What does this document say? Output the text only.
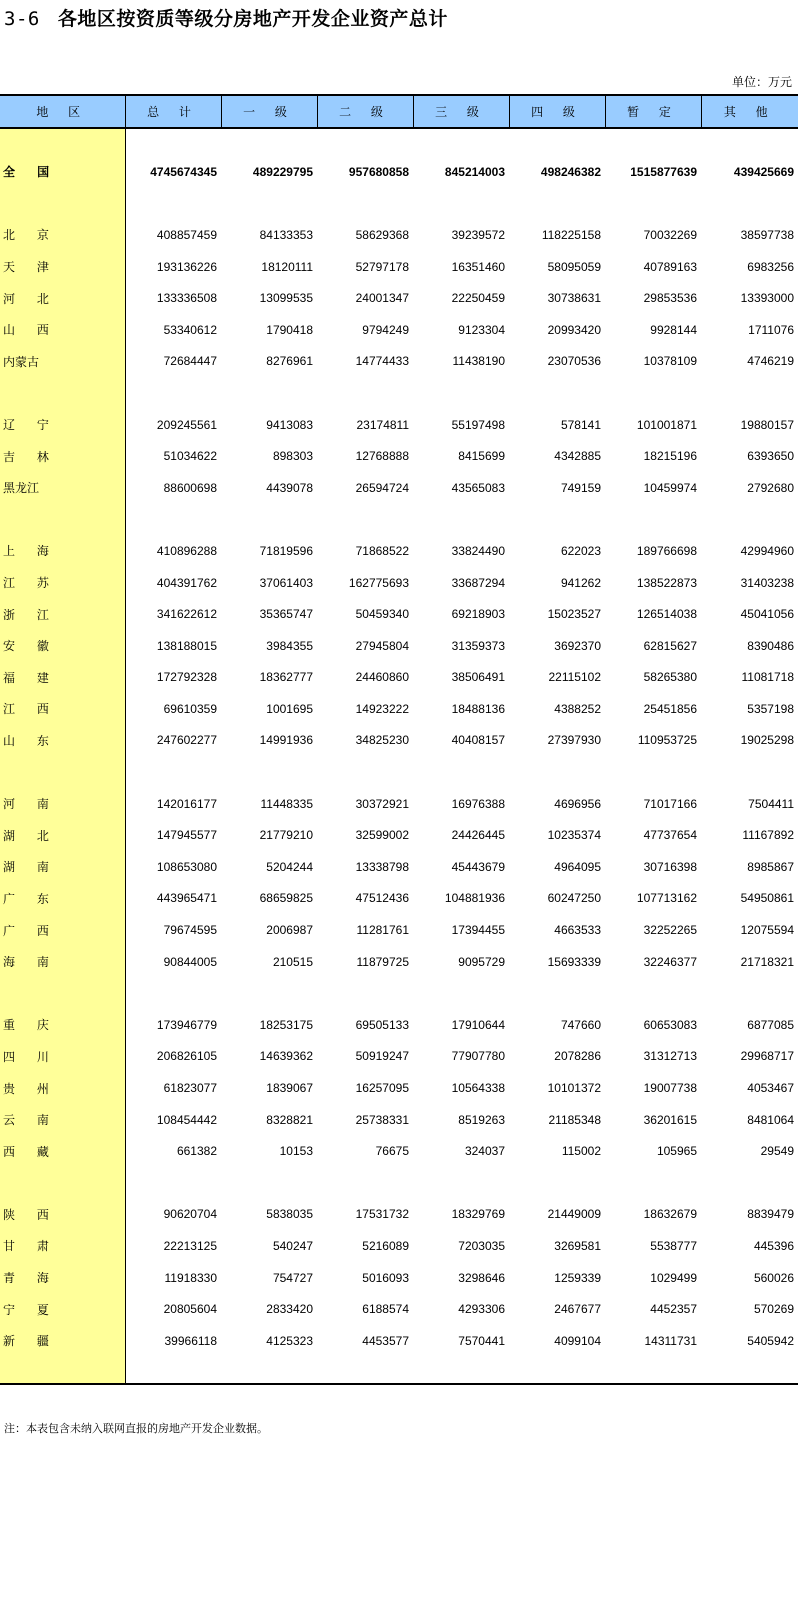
3-6 各地区按资质等级分房地产开发企业资产总计
单位：万元
地 区	总 计	一 级	二 级	三 级	四 级	暂 定	其 他

全 国	4745674345	489229795	957680858	845214003	498246382	1515877639	439425669

北 京	408857459	84133353	58629368	39239572	118225158	70032269	38597738
天 津	193136226	18120111	52797178	16351460	58095059	40789163	6983256
河 北	133336508	13099535	24001347	22250459	30738631	29853536	13393000
山 西	53340612	1790418	9794249	9123304	20993420	9928144	1711076
内蒙古	72684447	8276961	14774433	11438190	23070536	10378109	4746219

辽 宁	209245561	9413083	23174811	55197498	578141	101001871	19880157
吉 林	51034622	898303	12768888	8415699	4342885	18215196	6393650
黑龙江	88600698	4439078	26594724	43565083	749159	10459974	2792680

上 海	410896288	71819596	71868522	33824490	622023	189766698	42994960
江 苏	404391762	37061403	162775693	33687294	941262	138522873	31403238
浙 江	341622612	35365747	50459340	69218903	15023527	126514038	45041056
安 徽	138188015	3984355	27945804	31359373	3692370	62815627	8390486
福 建	172792328	18362777	24460860	38506491	22115102	58265380	11081718
江 西	69610359	1001695	14923222	18488136	4388252	25451856	5357198
山 东	247602277	14991936	34825230	40408157	27397930	110953725	19025298

河 南	142016177	11448335	30372921	16976388	4696956	71017166	7504411
湖 北	147945577	21779210	32599002	24426445	10235374	47737654	11167892
湖 南	108653080	5204244	13338798	45443679	4964095	30716398	8985867
广 东	443965471	68659825	47512436	104881936	60247250	107713162	54950861
广 西	79674595	2006987	11281761	17394455	4663533	32252265	12075594
海 南	90844005	210515	11879725	9095729	15693339	32246377	21718321

重 庆	173946779	18253175	69505133	17910644	747660	60653083	6877085
四 川	206826105	14639362	50919247	77907780	2078286	31312713	29968717
贵 州	61823077	1839067	16257095	10564338	10101372	19007738	4053467
云 南	108454442	8328821	25738331	8519263	21185348	36201615	8481064
西 藏	661382	10153	76675	324037	115002	105965	29549

陕 西	90620704	5838035	17531732	18329769	21449009	18632679	8839479
甘 肃	22213125	540247	5216089	7203035	3269581	5538777	445396
青 海	11918330	754727	5016093	3298646	1259339	1029499	560026
宁 夏	20805604	2833420	6188574	4293306	2467677	4452357	570269
新 疆	39966118	4125323	4453577	7570441	4099104	14311731	5405942

注：本表包含未纳入联网直报的房地产开发企业数据。
